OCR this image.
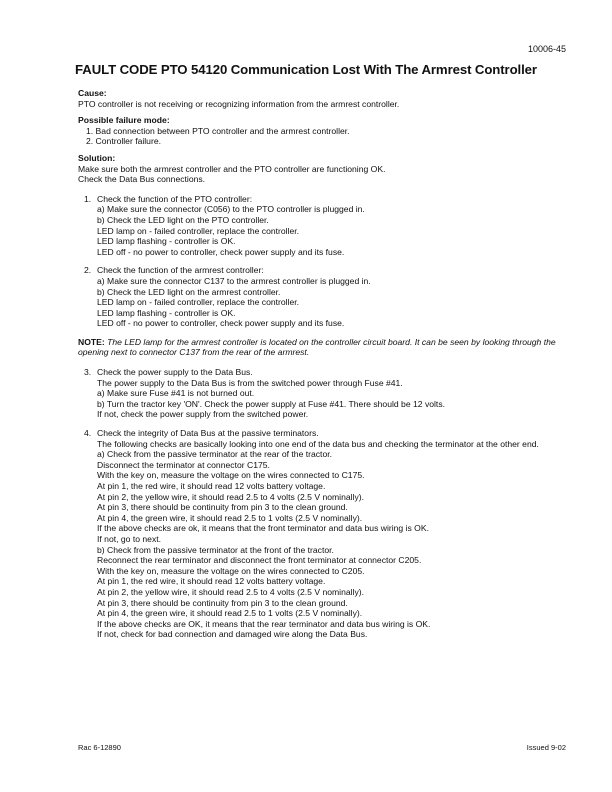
10006-45
FAULT CODE PTO 54120 Communication Lost With The Armrest Controller
Cause:
PTO controller is not receiving or recognizing information from the armrest controller.
Possible failure mode:
1. Bad connection between PTO controller and the armrest controller.
2. Controller failure.
Solution:
Make sure both the armrest controller and the PTO controller are functioning OK.
Check the Data Bus connections.
1. Check the function of the PTO controller:
a) Make sure the connector (C056) to the PTO controller is plugged in.
b) Check the LED light on the PTO controller.
LED lamp on - failed controller, replace the controller.
LED lamp flashing - controller is OK.
LED off - no power to controller, check power supply and its fuse.
2. Check the function of the armrest controller:
a) Make sure the connector C137 to the armrest controller is plugged in.
b) Check the LED light on the armrest controller.
LED lamp on - failed controller, replace the controller.
LED lamp flashing - controller is OK.
LED off - no power to controller, check power supply and its fuse.
NOTE: The LED lamp for the armrest controller is located on the controller circuit board. It can be seen by looking through the opening next to connector C137 from the rear of the armrest.
3. Check the power supply to the Data Bus.
The power supply to the Data Bus is from the switched power through Fuse #41.
a) Make sure Fuse #41 is not burned out.
b) Turn the tractor key 'ON'. Check the power supply at Fuse #41. There should be 12 volts.
If not, check the power supply from the switched power.
4. Check the integrity of Data Bus at the passive terminators.
The following checks are basically looking into one end of the data bus and checking the terminator at the other end.
a) Check from the passive terminator at the rear of the tractor.
Disconnect the terminator at connector C175.
With the key on, measure the voltage on the wires connected to C175.
At pin 1, the red wire, it should read 12 volts battery voltage.
At pin 2, the yellow wire, it should read 2.5 to 4 volts (2.5 V nominally).
At pin 3, there should be continuity from pin 3 to the clean ground.
At pin 4, the green wire, it should read 2.5 to 1 volts (2.5 V nominally).
If the above checks are ok, it means that the front terminator and data bus wiring is OK.
If not, go to next.
b) Check from the passive terminator at the front of the tractor.
Reconnect the rear terminator and disconnect the front terminator at connector C205.
With the key on, measure the voltage on the wires connected to C205.
At pin 1, the red wire, it should read 12 volts battery voltage.
At pin 2, the yellow wire, it should read 2.5 to 4 volts (2.5 V nominally).
At pin 3, there should be continuity from pin 3 to the clean ground.
At pin 4, the green wire, it should read 2.5 to 1 volts (2.5 V nominally).
If the above checks are OK, it means that the rear terminator and data bus wiring is OK.
If not, check for bad connection and damaged wire along the Data Bus.
Rac 6-12890	Issued 9-02
